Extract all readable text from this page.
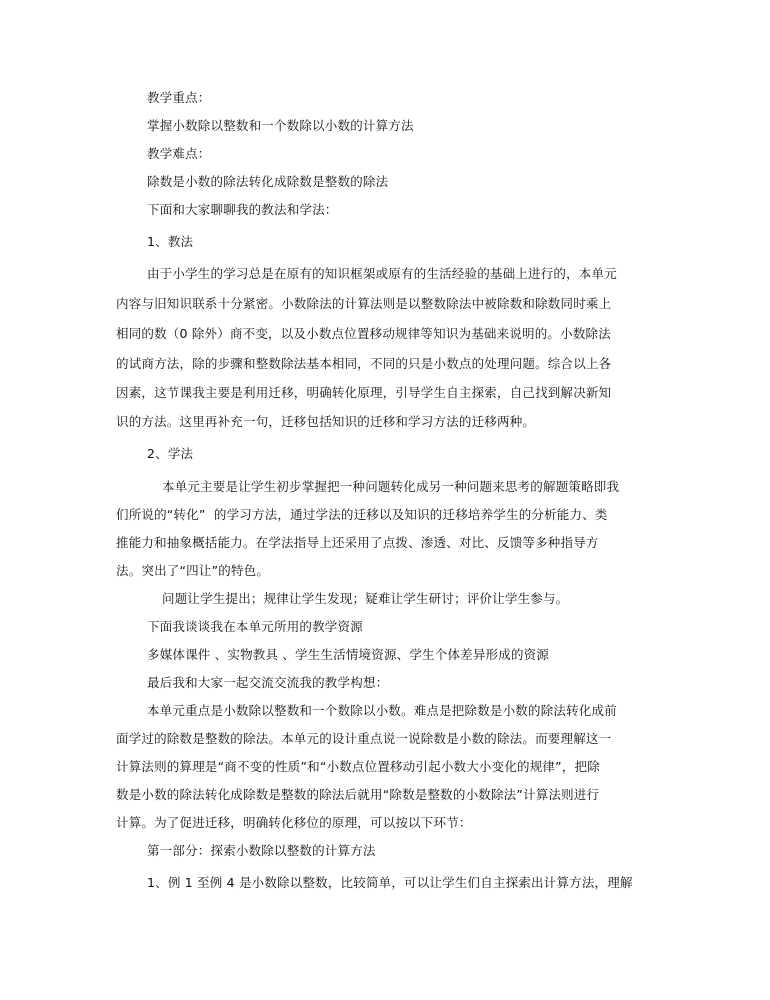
教学重点：
掌握小数除以整数和一个数除以小数的计算方法
教学难点：
除数是小数的除法转化成除数是整数的除法
下面和大家聊聊我的教法和学法：
1、教法
由于小学生的学习总是在原有的知识框架或原有的生活经验的基础上进行的，本单元
内容与旧知识联系十分紧密。小数除法的计算法则是以整数除法中被除数和除数同时乘上
相同的数（0 除外）商不变，以及小数点位置移动规律等知识为基础来说明的。小数除法
的试商方法，除的步骤和整数除法基本相同，不同的只是小数点的处理问题。综合以上各
因素，这节课我主要是利用迁移，明确转化原理，引导学生自主探索，自己找到解决新知
识的方法。这里再补充一句，迁移包括知识的迁移和学习方法的迁移两种。
2、学法
本单元主要是让学生初步掌握把一种问题转化成另一种问题来思考的解题策略即我
们所说的“转化”  的学习方法，通过学法的迁移以及知识的迁移培养学生的分析能力、类
推能力和抽象概括能力。在学法指导上还采用了点拨、渗透、对比、反馈等多种指导方
法。突出了“四让”的特色。
问题让学生提出；规律让学生发现；疑难让学生研讨；评价让学生参与。
下面我谈谈我在本单元所用的教学资源
多媒体课件 、实物教具 、学生生活情境资源、学生个体差异形成的资源
最后我和大家一起交流交流我的教学构想：
本单元重点是小数除以整数和一个数除以小数。难点是把除数是小数的除法转化成前
面学过的除数是整数的除法。本单元的设计重点说一说除数是小数的除法。而要理解这一
计算法则的算理是“商不变的性质”和“小数点位置移动引起小数大小变化的规律”，把除
数是小数的除法转化成除数是整数的除法后就用“除数是整数的小数除法”计算法则进行
计算。为了促进迁移，明确转化移位的原理，可以按以下环节：
第一部分：探索小数除以整数的计算方法
1、例 1 至例 4 是小数除以整数，比较简单，可以让学生们自主探索出计算方法，理解
